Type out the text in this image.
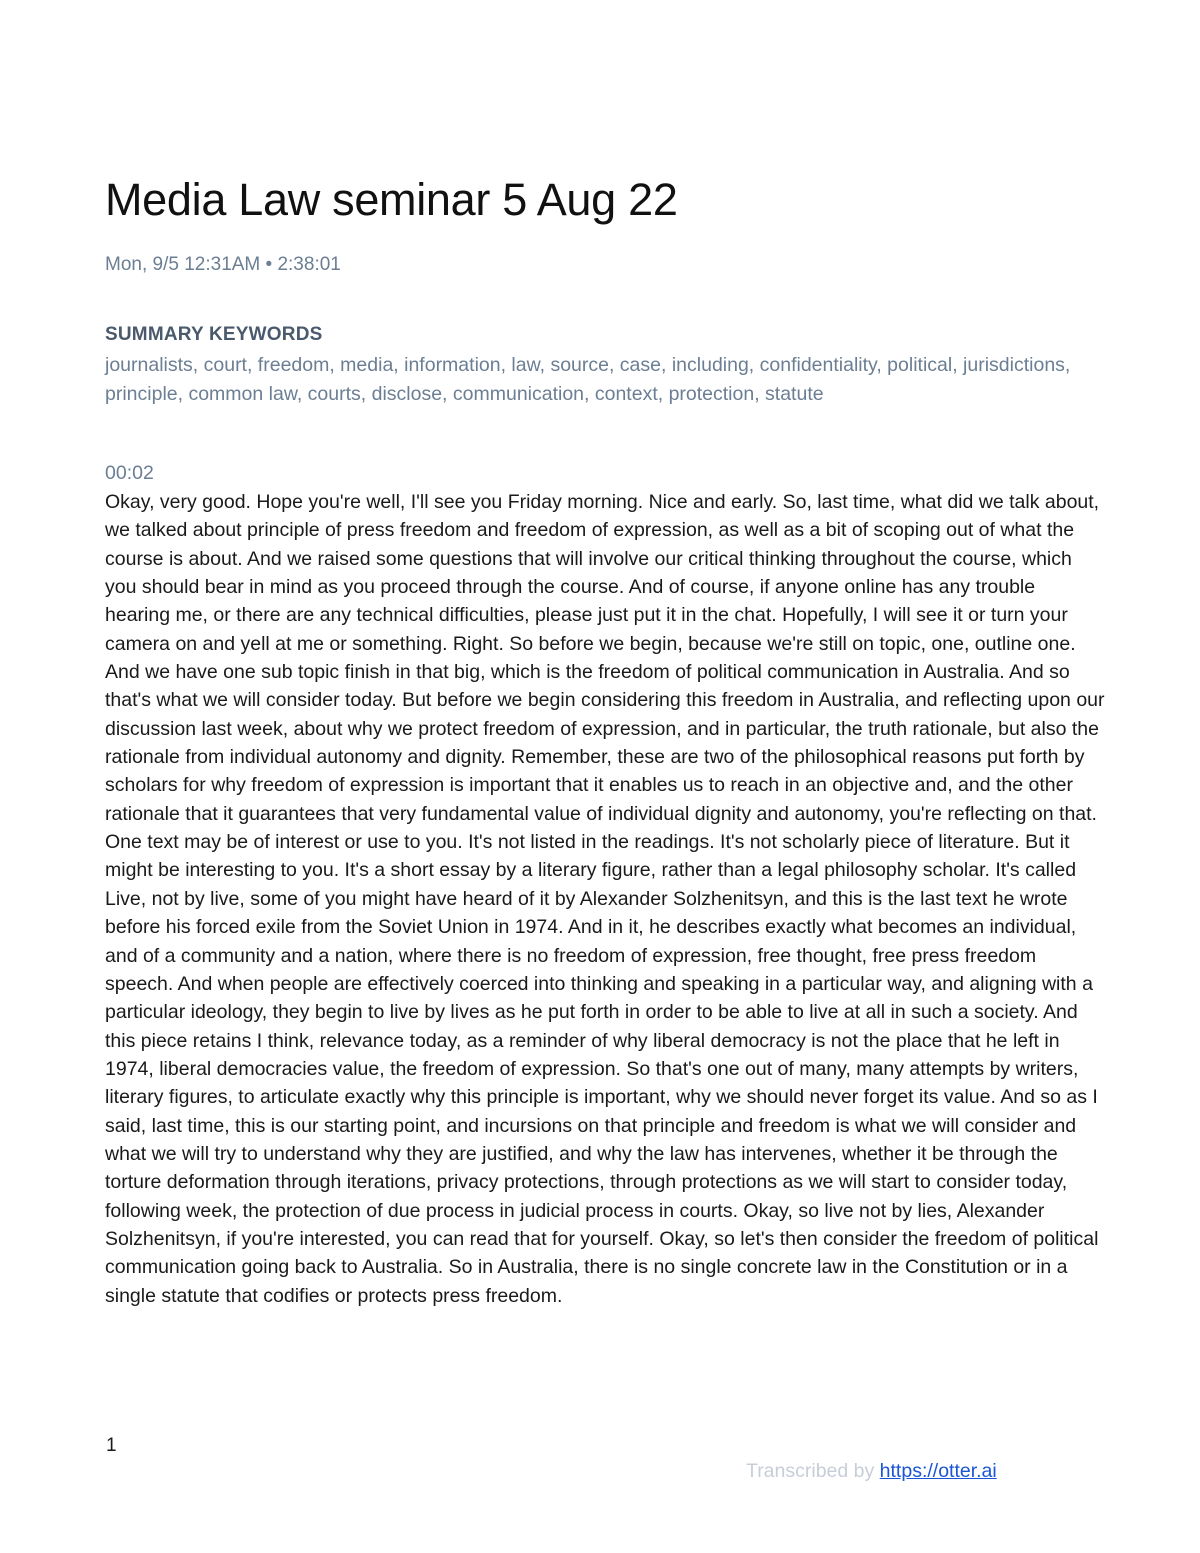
Media Law seminar 5 Aug 22
Mon, 9/5 12:31AM • 2:38:01
SUMMARY KEYWORDS
journalists, court, freedom, media, information, law, source, case, including, confidentiality, political, jurisdictions, principle, common law, courts, disclose, communication, context, protection, statute
00:02
Okay, very good. Hope you're well, I'll see you Friday morning. Nice and early. So, last time, what did we talk about, we talked about principle of press freedom and freedom of expression, as well as a bit of scoping out of what the course is about. And we raised some questions that will involve our critical thinking throughout the course, which you should bear in mind as you proceed through the course. And of course, if anyone online has any trouble hearing me, or there are any technical difficulties, please just put it in the chat. Hopefully, I will see it or turn your camera on and yell at me or something. Right. So before we begin, because we're still on topic, one, outline one. And we have one sub topic finish in that big, which is the freedom of political communication in Australia. And so that's what we will consider today. But before we begin considering this freedom in Australia, and reflecting upon our discussion last week, about why we protect freedom of expression, and in particular, the truth rationale, but also the rationale from individual autonomy and dignity. Remember, these are two of the philosophical reasons put forth by scholars for why freedom of expression is important that it enables us to reach in an objective and, and the other rationale that it guarantees that very fundamental value of individual dignity and autonomy, you're reflecting on that. One text may be of interest or use to you. It's not listed in the readings. It's not scholarly piece of literature. But it might be interesting to you. It's a short essay by a literary figure, rather than a legal philosophy scholar. It's called Live, not by live, some of you might have heard of it by Alexander Solzhenitsyn, and this is the last text he wrote before his forced exile from the Soviet Union in 1974. And in it, he describes exactly what becomes an individual, and of a community and a nation, where there is no freedom of expression, free thought, free press freedom speech. And when people are effectively coerced into thinking and speaking in a particular way, and aligning with a particular ideology, they begin to live by lives as he put forth in order to be able to live at all in such a society. And this piece retains I think, relevance today, as a reminder of why liberal democracy is not the place that he left in 1974, liberal democracies value, the freedom of expression. So that's one out of many, many attempts by writers, literary figures, to articulate exactly why this principle is important, why we should never forget its value. And so as I said, last time, this is our starting point, and incursions on that principle and freedom is what we will consider and what we will try to understand why they are justified, and why the law has intervenes, whether it be through the torture deformation through iterations, privacy protections, through protections as we will start to consider today, following week, the protection of due process in judicial process in courts. Okay, so live not by lies, Alexander Solzhenitsyn, if you're interested, you can read that for yourself. Okay, so let's then consider the freedom of political communication going back to Australia. So in Australia, there is no single concrete law in the Constitution or in a single statute that codifies or protects press freedom.
1
Transcribed by https://otter.ai
